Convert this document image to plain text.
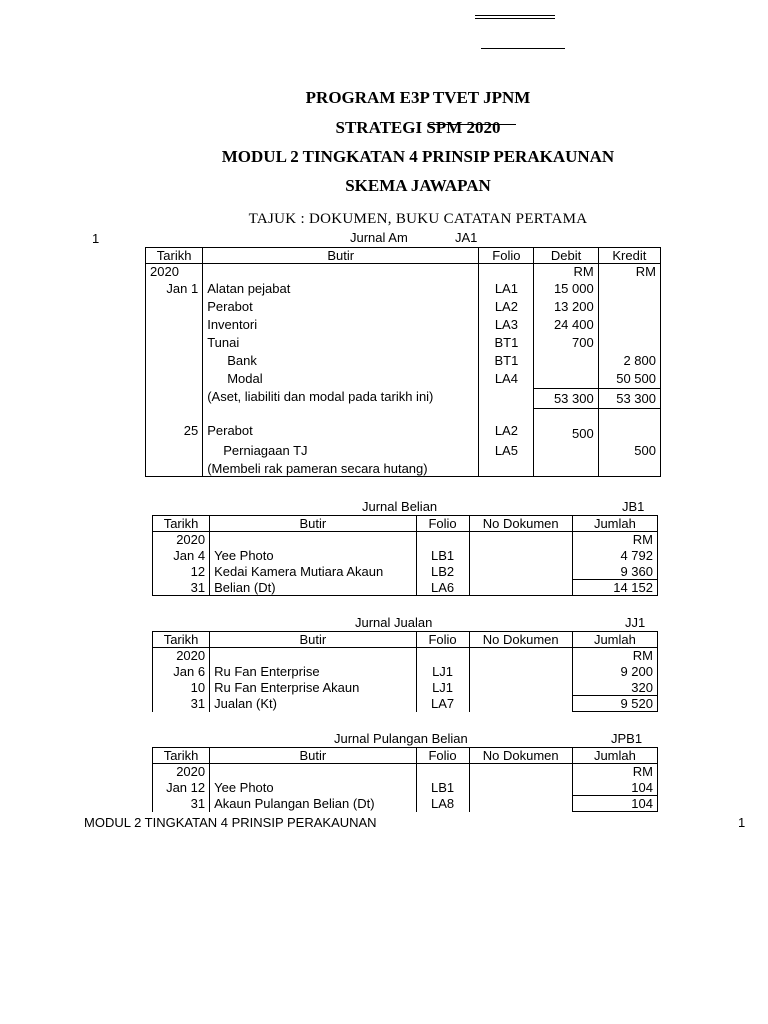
PROGRAM E3P TVET JPNM
STRATEGI SPM 2020
MODUL 2 TINGKATAN 4 PRINSIP PERAKAUNAN
SKEMA JAWAPAN
TAJUK : DOKUMEN, BUKU CATATAN PERTAMA
1	Jurnal Am	JA1
Tarikh	Butir	Folio	Debit	Kredit
2020			RM	RM
Jan 1	Alatan pejabat	LA1	15 000	
	Perabot	LA2	13 200	
	Inventori	LA3	24 400	
	Tunai	BT1	700	
	Bank	BT1		2 800
	Modal	LA4		50 500
	(Aset, liabiliti dan modal pada tarikh ini)		53 300	53 300

25	Perabot	LA2	500	
	Perniagaan TJ	LA5		500
	(Membeli rak pameran secara hutang)			
Jurnal Belian	JB1
Tarikh	Butir	Folio	No Dokumen	Jumlah
2020				RM
Jan 4	Yee Photo	LB1		4 792
12	Kedai Kamera Mutiara Akaun	LB2		9 360
31	Belian (Dt)	LA6		14 152
Jurnal Jualan	JJ1
Tarikh	Butir	Folio	No Dokumen	Jumlah
2020				RM
Jan 6	Ru Fan Enterprise	LJ1		9 200
10	Ru Fan Enterprise Akaun	LJ1		320
31	Jualan (Kt)	LA7		9 520
Jurnal Pulangan Belian	JPB1
Tarikh	Butir	Folio	No Dokumen	Jumlah
2020				RM
Jan 12	Yee Photo	LB1		104
31	Akaun Pulangan Belian (Dt)	LA8		104
MODUL 2 TINGKATAN 4 PRINSIP PERAKAUNAN	1
